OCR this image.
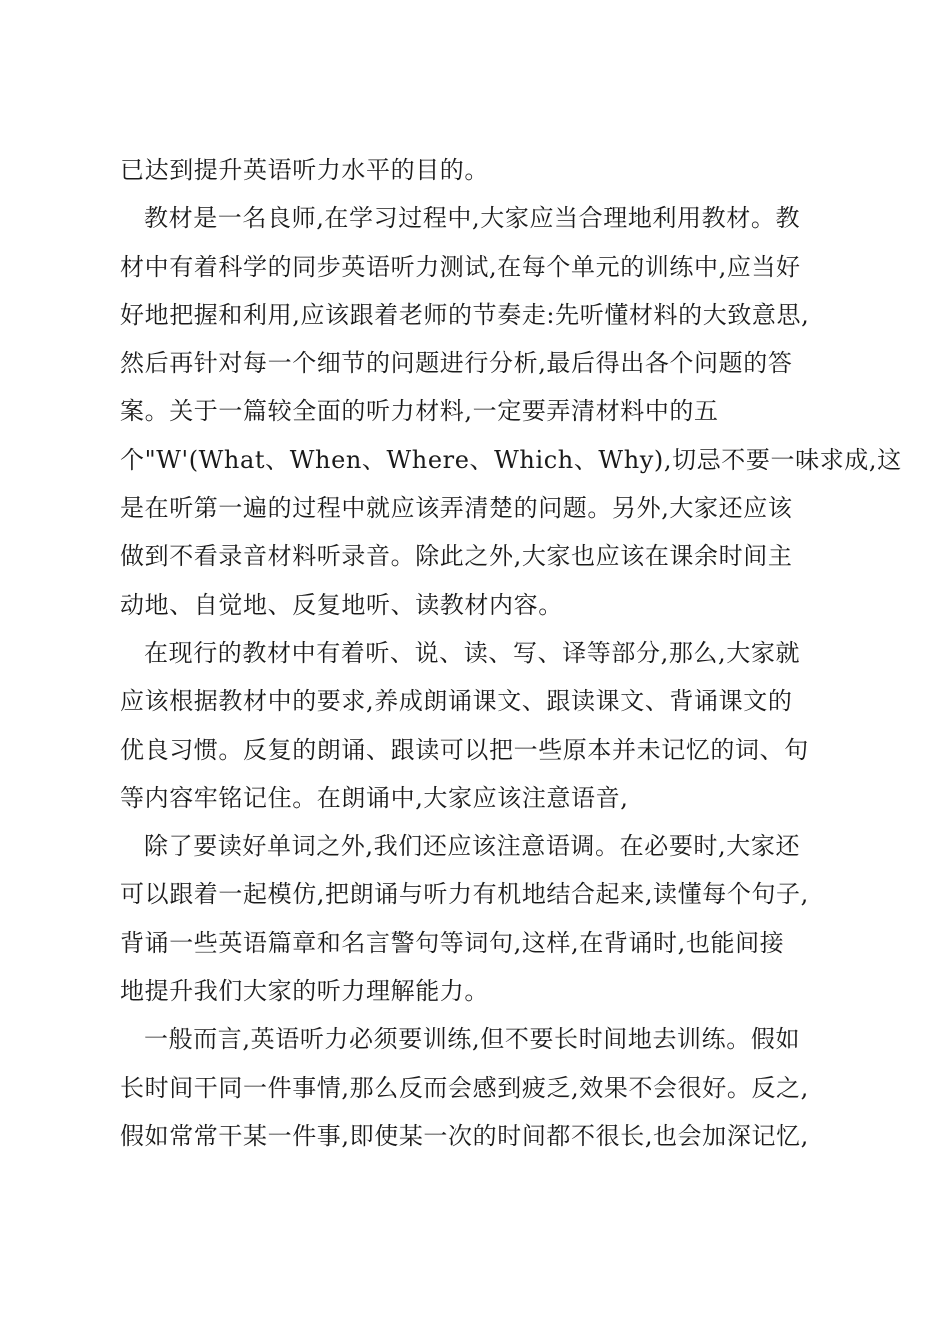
已达到提升英语听力水平的目的。
教材是一名良师,在学习过程中,大家应当合理地利用教材。教
材中有着科学的同步英语听力测试,在每个单元的训练中,应当好
好地把握和利用,应该跟着老师的节奏走:先听懂材料的大致意思,
然后再针对每一个细节的问题进行分析,最后得出各个问题的答
案。关于一篇较全面的听力材料,一定要弄清材料中的五
个"W'(What、When、Where、Which、Why),切忌不要一味求成,这
是在听第一遍的过程中就应该弄清楚的问题。另外,大家还应该
做到不看录音材料听录音。除此之外,大家也应该在课余时间主
动地、自觉地、反复地听、读教材内容。
在现行的教材中有着听、说、读、写、译等部分,那么,大家就
应该根据教材中的要求,养成朗诵课文、跟读课文、背诵课文的
优良习惯。反复的朗诵、跟读可以把一些原本并未记忆的词、句
等内容牢铭记住。在朗诵中,大家应该注意语音,
除了要读好单词之外,我们还应该注意语调。在必要时,大家还
可以跟着一起模仿,把朗诵与听力有机地结合起来,读懂每个句子,
背诵一些英语篇章和名言警句等词句,这样,在背诵时,也能间接
地提升我们大家的听力理解能力。
一般而言,英语听力必须要训练,但不要长时间地去训练。假如
长时间干同一件事情,那么反而会感到疲乏,效果不会很好。反之,
假如常常干某一件事,即使某一次的时间都不很长,也会加深记忆,
